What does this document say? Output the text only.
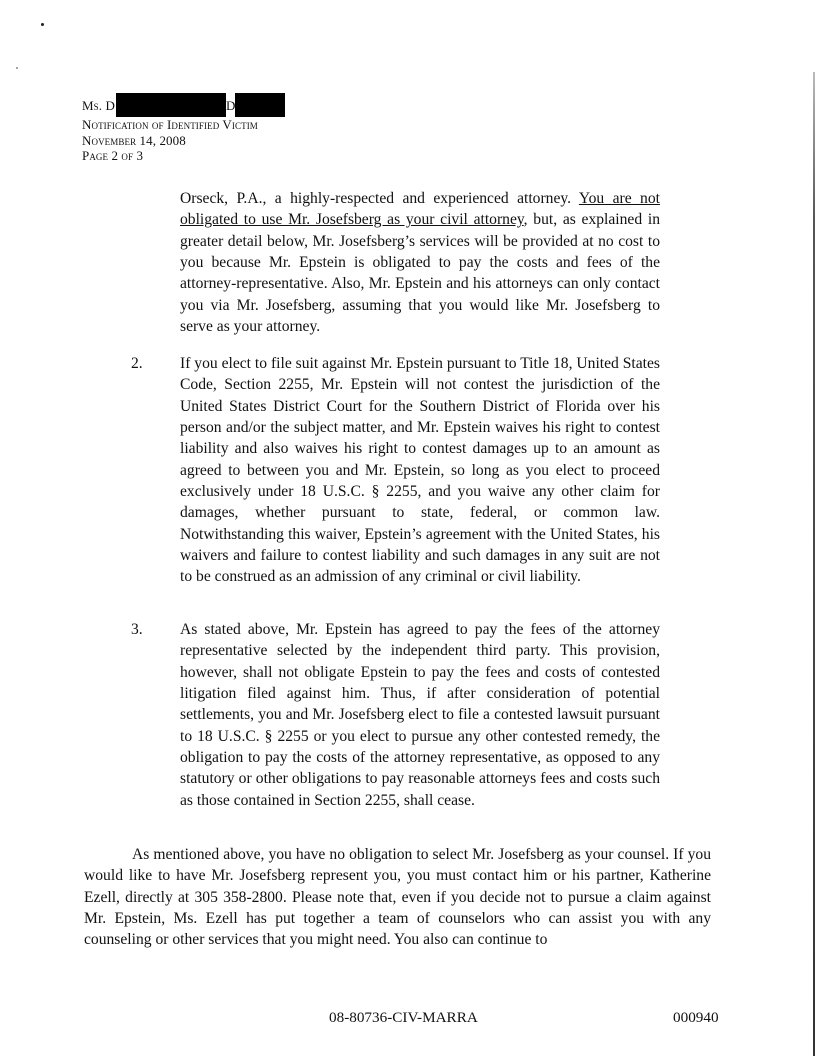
Ms. D	D
Notification of Identified Victim
November 14, 2008
Page 2 of 3

Orseck, P.A., a highly-respected and experienced attorney. You are not obligated to use Mr. Josefsberg as your civil attorney, but, as explained in greater detail below, Mr. Josefsberg’s services will be provided at no cost to you because Mr. Epstein is obligated to pay the costs and fees of the attorney-representative. Also, Mr. Epstein and his attorneys can only contact you via Mr. Josefsberg, assuming that you would like Mr. Josefsberg to serve as your attorney.

2. If you elect to file suit against Mr. Epstein pursuant to Title 18, United States Code, Section 2255, Mr. Epstein will not contest the jurisdiction of the United States District Court for the Southern District of Florida over his person and/or the subject matter, and Mr. Epstein waives his right to contest liability and also waives his right to contest damages up to an amount as agreed to between you and Mr. Epstein, so long as you elect to proceed exclusively under 18 U.S.C. § 2255, and you waive any other claim for damages, whether pursuant to state, federal, or common law. Notwithstanding this waiver, Epstein’s agreement with the United States, his waivers and failure to contest liability and such damages in any suit are not to be construed as an admission of any criminal or civil liability.
3. As stated above, Mr. Epstein has agreed to pay the fees of the attorney representative selected by the independent third party. This provision, however, shall not obligate Epstein to pay the fees and costs of contested litigation filed against him. Thus, if after consideration of potential settlements, you and Mr. Josefsberg elect to file a contested lawsuit pursuant to 18 U.S.C. § 2255 or you elect to pursue any other contested remedy, the obligation to pay the costs of the attorney representative, as opposed to any statutory or other obligations to pay reasonable attorneys fees and costs such as those contained in Section 2255, shall cease.

As mentioned above, you have no obligation to select Mr. Josefsberg as your counsel. If you would like to have Mr. Josefsberg represent you, you must contact him or his partner, Katherine Ezell, directly at 305 358-2800. Please note that, even if you decide not to pursue a claim against Mr. Epstein, Ms. Ezell has put together a team of counselors who can assist you with any counseling or other services that you might need. You also can continue to

08-80736-CIV-MARRA	000940
